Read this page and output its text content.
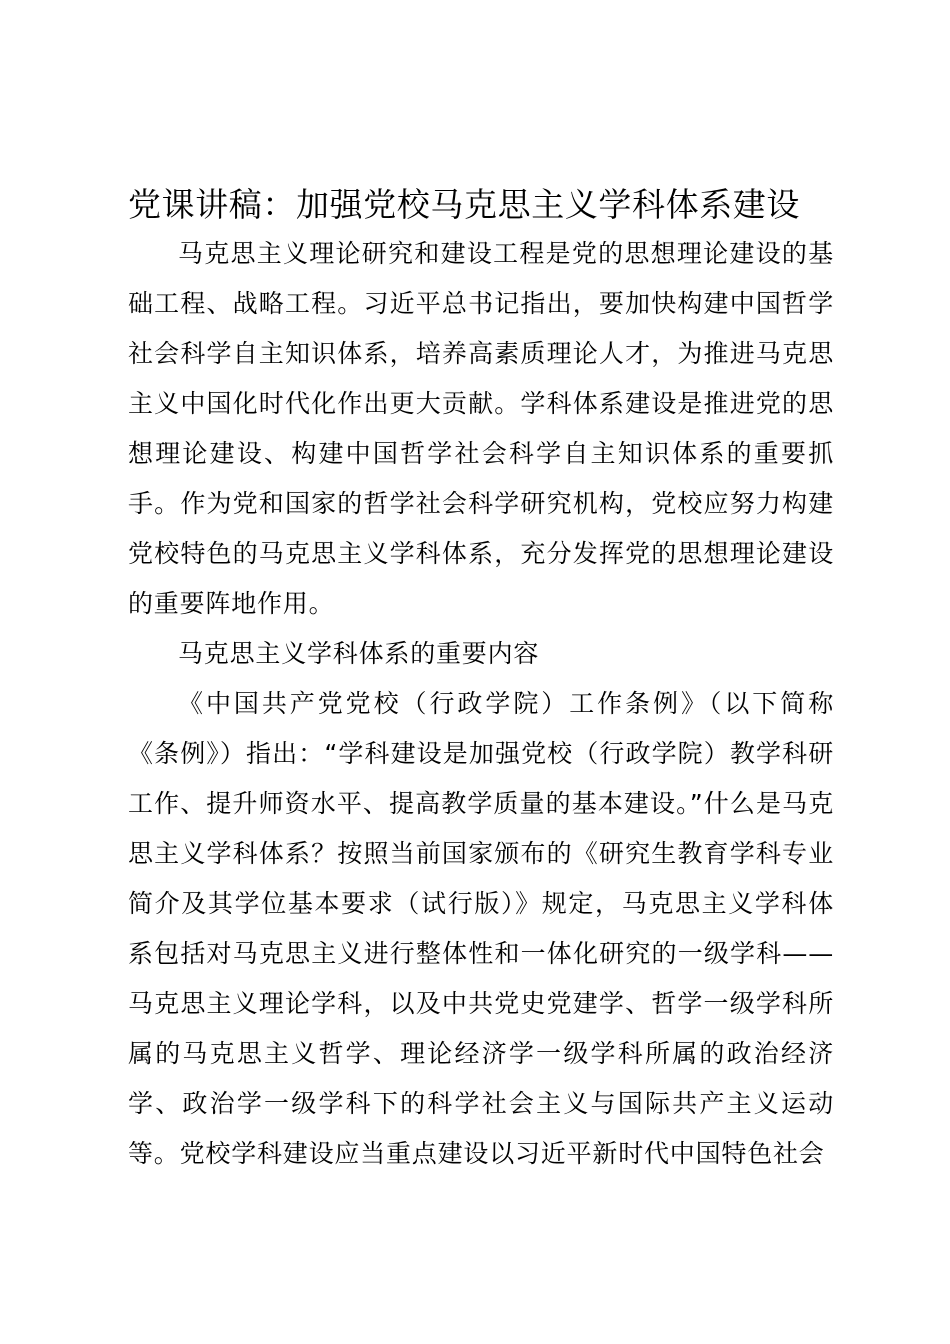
党课讲稿：加强党校马克思主义学科体系建设

马克思主义理论研究和建设工程是党的思想理论建设的基础工程、战略工程。习近平总书记指出，要加快构建中国哲学社会科学自主知识体系，培养高素质理论人才，为推进马克思主义中国化时代化作出更大贡献。学科体系建设是推进党的思想理论建设、构建中国哲学社会科学自主知识体系的重要抓手。作为党和国家的哲学社会科学研究机构，党校应努力构建党校特色的马克思主义学科体系，充分发挥党的思想理论建设的重要阵地作用。

马克思主义学科体系的重要内容

《中国共产党党校（行政学院）工作条例》（以下简称《条例》）指出：“学科建设是加强党校（行政学院）教学科研工作、提升师资水平、提高教学质量的基本建设。”什么是马克思主义学科体系？按照当前国家颁布的《研究生教育学科专业简介及其学位基本要求（试行版）》规定，马克思主义学科体系包括对马克思主义进行整体性和一体化研究的一级学科——马克思主义理论学科，以及中共党史党建学、哲学一级学科所属的马克思主义哲学、理论经济学一级学科所属的政治经济学、政治学一级学科下的科学社会主义与国际共产主义运动等。党校学科建设应当重点建设以习近平新时代中国特色社会
